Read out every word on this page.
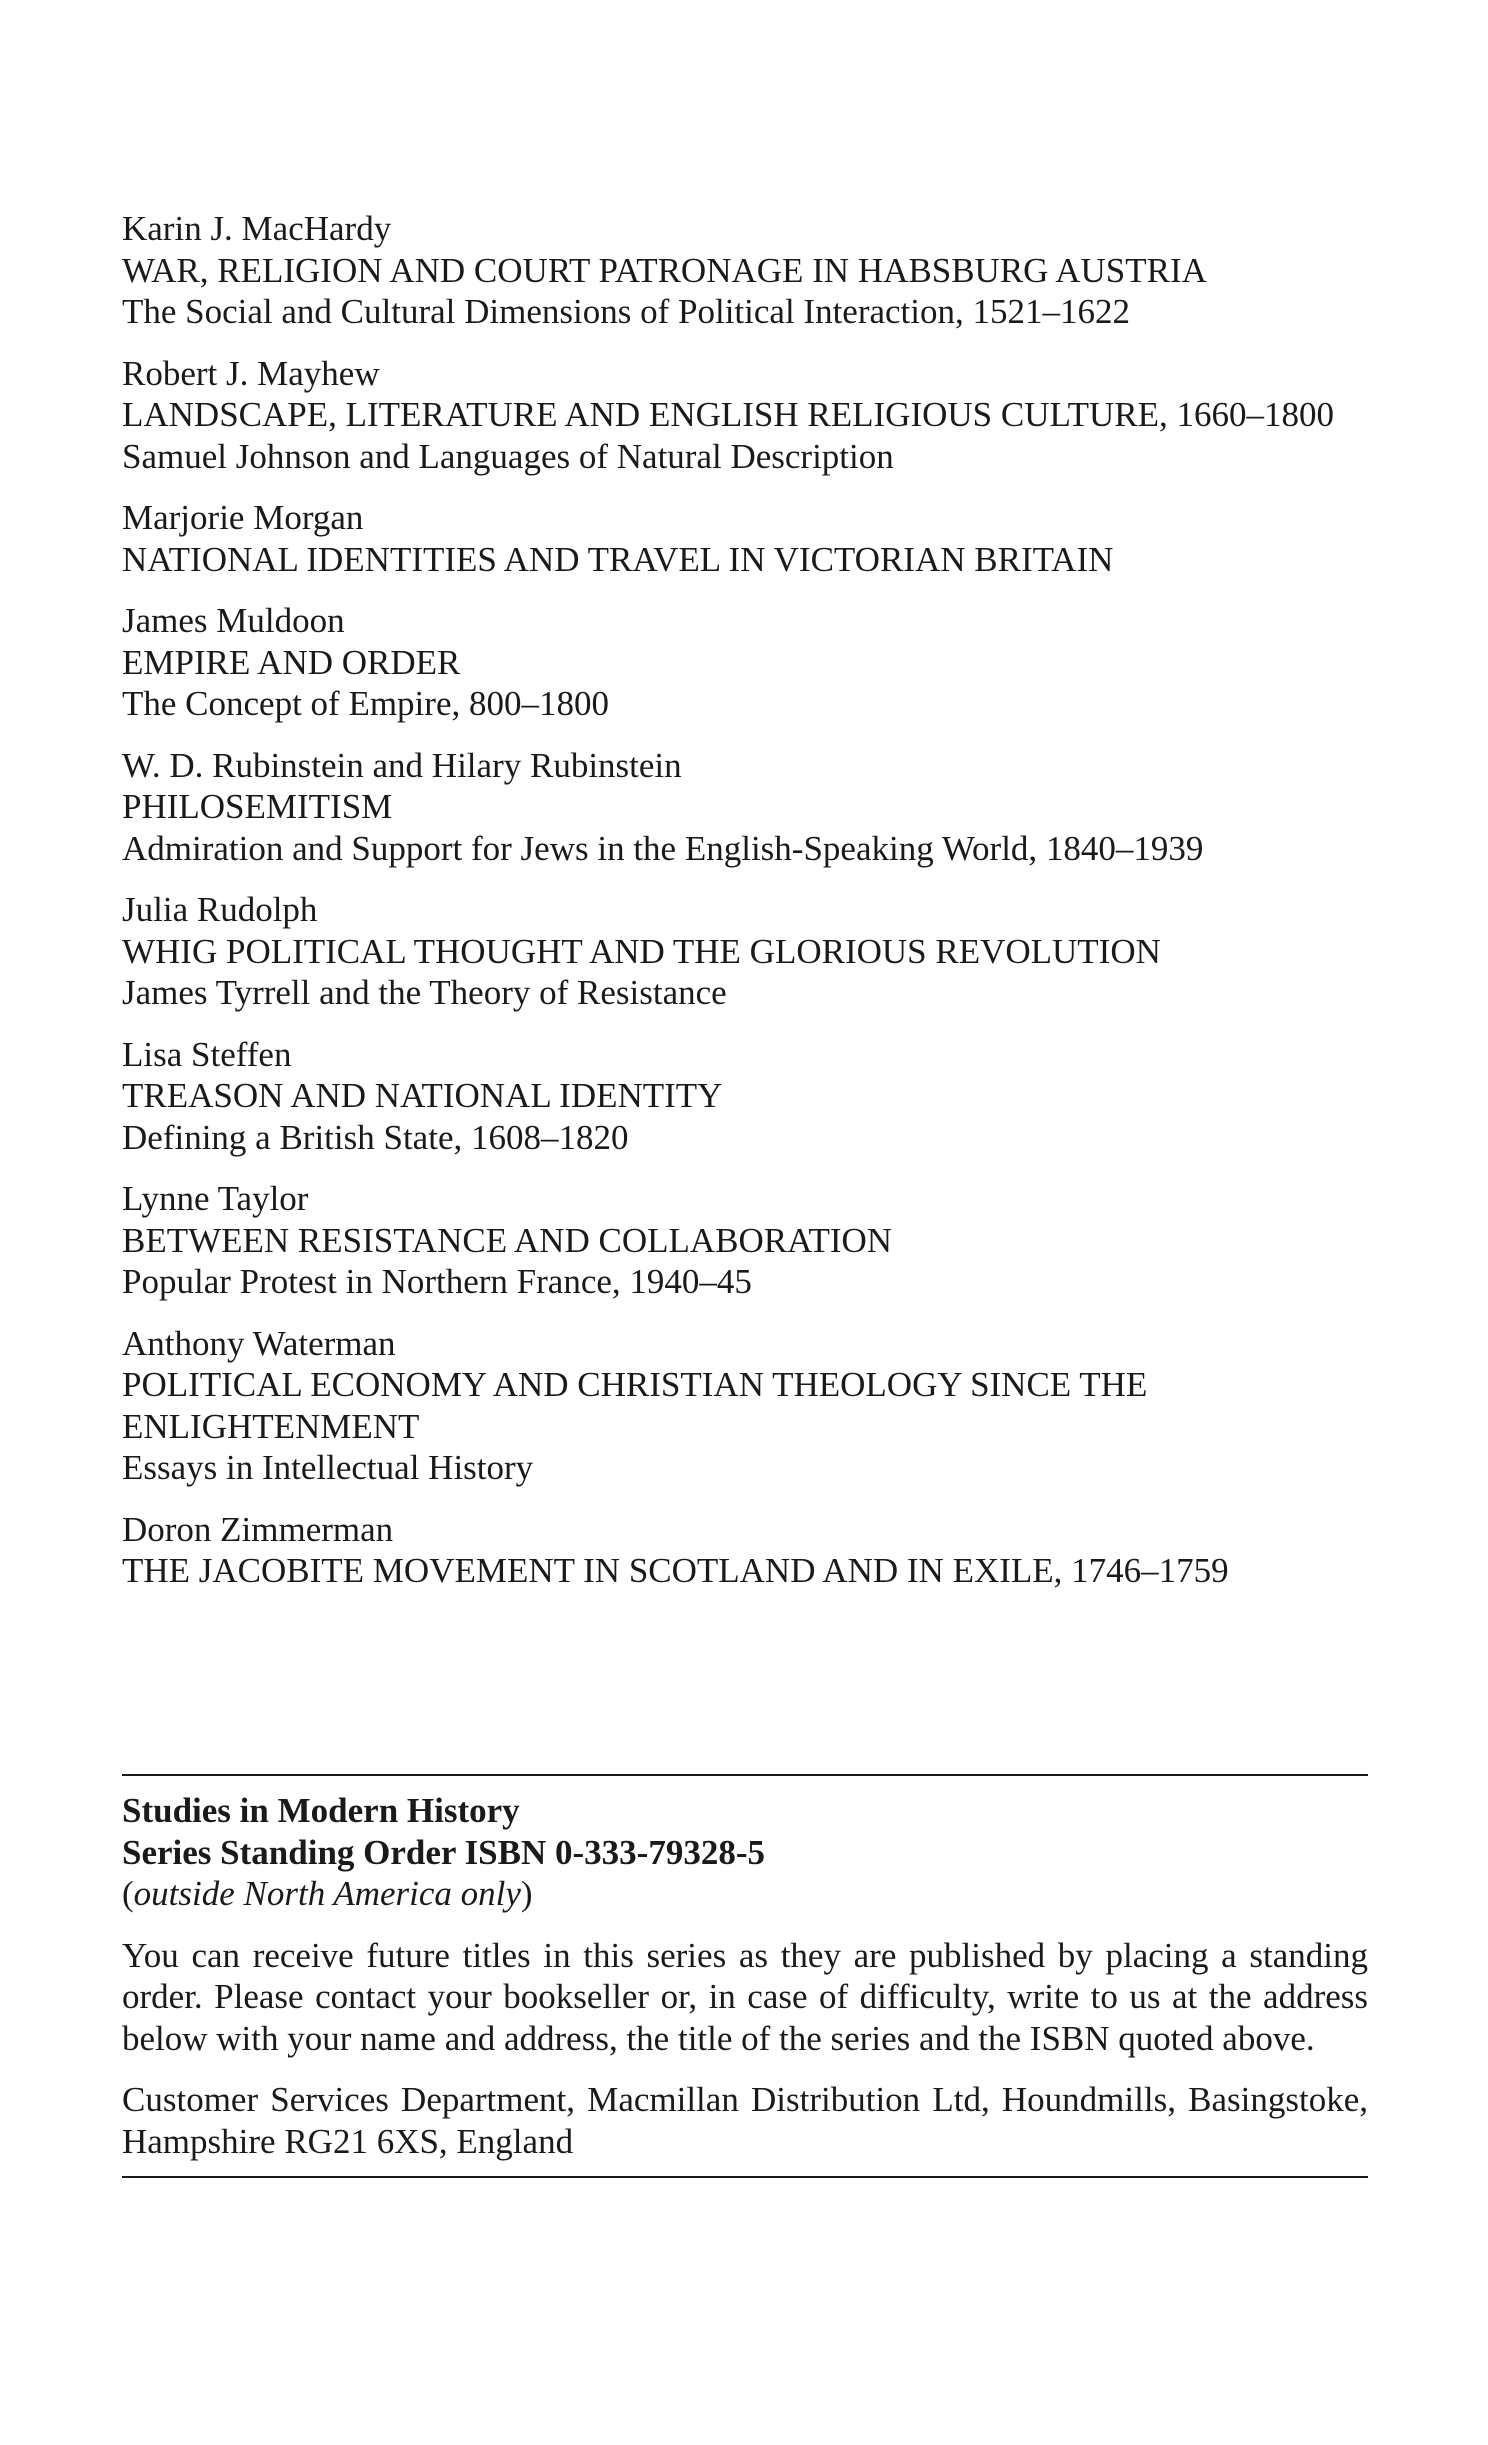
Karin J. MacHardy
WAR, RELIGION AND COURT PATRONAGE IN HABSBURG AUSTRIA
The Social and Cultural Dimensions of Political Interaction, 1521–1622
Robert J. Mayhew
LANDSCAPE, LITERATURE AND ENGLISH RELIGIOUS CULTURE, 1660–1800
Samuel Johnson and Languages of Natural Description
Marjorie Morgan
NATIONAL IDENTITIES AND TRAVEL IN VICTORIAN BRITAIN
James Muldoon
EMPIRE AND ORDER
The Concept of Empire, 800–1800
W. D. Rubinstein and Hilary Rubinstein
PHILOSEMITISM
Admiration and Support for Jews in the English-Speaking World, 1840–1939
Julia Rudolph
WHIG POLITICAL THOUGHT AND THE GLORIOUS REVOLUTION
James Tyrrell and the Theory of Resistance
Lisa Steffen
TREASON AND NATIONAL IDENTITY
Defining a British State, 1608–1820
Lynne Taylor
BETWEEN RESISTANCE AND COLLABORATION
Popular Protest in Northern France, 1940–45
Anthony Waterman
POLITICAL ECONOMY AND CHRISTIAN THEOLOGY SINCE THE ENLIGHTENMENT
Essays in Intellectual History
Doron Zimmerman
THE JACOBITE MOVEMENT IN SCOTLAND AND IN EXILE, 1746–1759
Studies in Modern History
Series Standing Order ISBN 0-333-79328-5
(outside North America only)

You can receive future titles in this series as they are published by placing a standing order. Please contact your bookseller or, in case of difficulty, write to us at the address below with your name and address, the title of the series and the ISBN quoted above.

Customer Services Department, Macmillan Distribution Ltd, Houndmills, Basingstoke, Hampshire RG21 6XS, England
